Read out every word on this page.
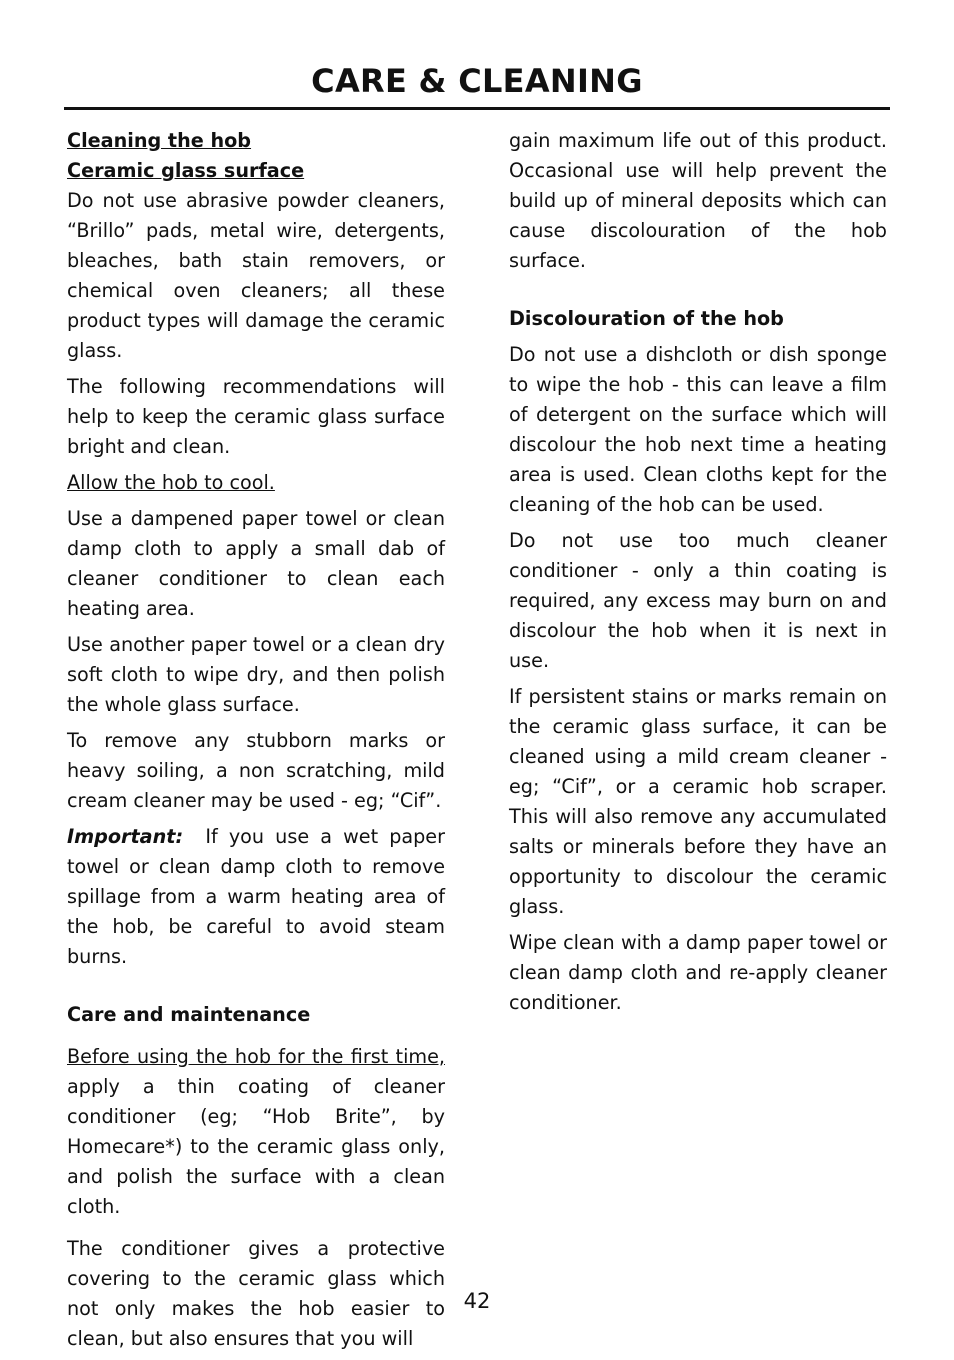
CARE & CLEANING
Cleaning the hob
Ceramic glass surface

Do not use abrasive powder cleaners, “Brillo” pads, metal wire, detergents, bleaches, bath stain removers, or chemical oven cleaners; all these product types will damage the ceramic glass.

The following recommendations will help to keep the ceramic glass surface bright and clean.

Allow the hob to cool.

Use a dampened paper towel or clean damp cloth to apply a small dab of cleaner conditioner to clean each heating area.

Use another paper towel or a clean dry soft cloth to wipe dry, and then polish the whole glass surface.

To remove any stubborn marks or heavy soiling, a non scratching, mild cream cleaner may be used - eg; “Cif”.

Important: If you use a wet paper towel or clean damp cloth to remove spillage from a warm heating area of the hob, be careful to avoid steam burns.

Care and maintenance

Before using the hob for the first time, apply a thin coating of cleaner conditioner (eg; “Hob Brite”, by Homecare*) to the ceramic glass only, and polish the surface with a clean cloth.

The conditioner gives a protective covering to the ceramic glass which not only makes the hob easier to clean, but also ensures that you will

gain maximum life out of this product. Occasional use will help prevent the build up of mineral deposits which can cause discolouration of the hob surface.

Discolouration of the hob

Do not use a dishcloth or dish sponge to wipe the hob - this can leave a film of detergent on the surface which will discolour the hob next time a heating area is used. Clean cloths kept for the cleaning of the hob can be used.

Do not use too much cleaner conditioner - only a thin coating is required, any excess may burn on and discolour the hob when it is next in use.

If persistent stains or marks remain on the ceramic glass surface, it can be cleaned using a mild cream cleaner - eg; “Cif”, or a ceramic hob scraper. This will also remove any accumulated salts or minerals before they have an opportunity to discolour the ceramic glass.

Wipe clean with a damp paper towel or clean damp cloth and re-apply cleaner conditioner.

42
